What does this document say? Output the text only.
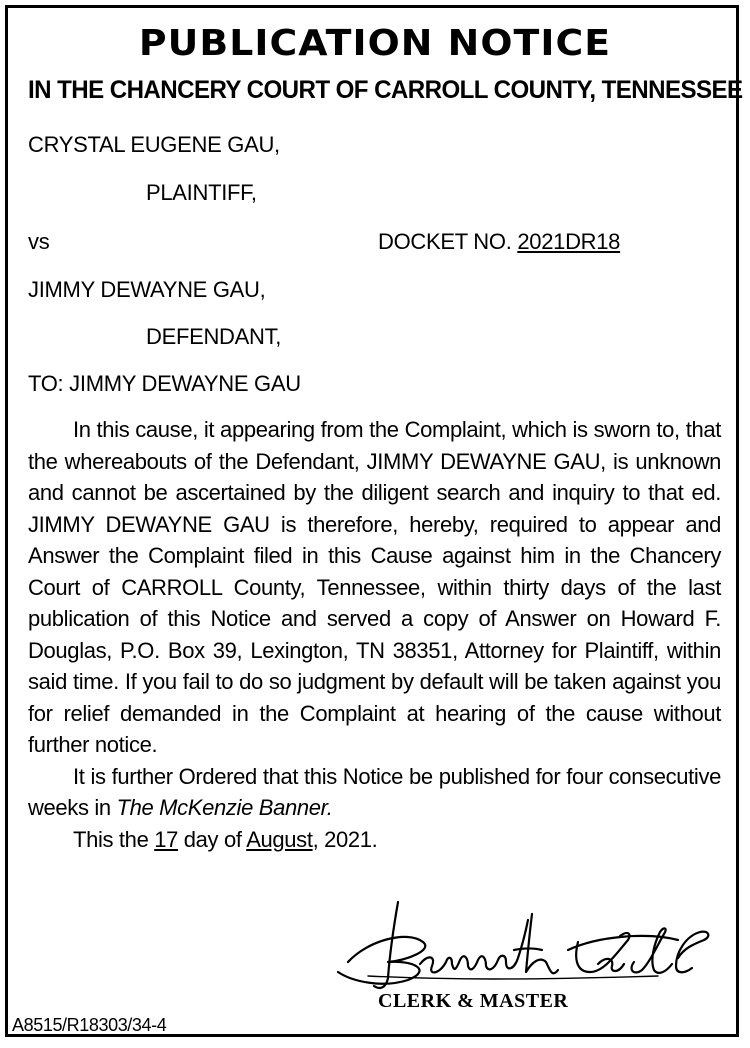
PUBLICATION NOTICE
IN THE CHANCERY COURT OF CARROLL COUNTY, TENNESSEE
CRYSTAL EUGENE GAU,
PLAINTIFF,
vs	DOCKET NO. 2021DR18
JIMMY DEWAYNE GAU,
DEFENDANT,
TO: JIMMY DEWAYNE GAU

In this cause, it appearing from the Complaint, which is sworn to, that the whereabouts of the Defendant, JIMMY DEWAYNE GAU, is unknown and cannot be ascertained by the diligent search and inquiry to that ed. JIMMY DEWAYNE GAU is therefore, hereby, required to appear and Answer the Complaint filed in this Cause against him in the Chancery Court of CARROLL County, Tennessee, within thirty days of the last publication of this Notice and served a copy of Answer on Howard F. Douglas, P.O. Box 39, Lexington, TN 38351, Attorney for Plaintiff, within said time. If you fail to do so judgment by default will be taken against you for relief demanded in the Complaint at hearing of the cause without further notice.

It is further Ordered that this Notice be published for four consecutive weeks in The McKenzie Banner.

This the 17 day of August, 2021.

CLERK & MASTER
A8515/R18303/34-4
